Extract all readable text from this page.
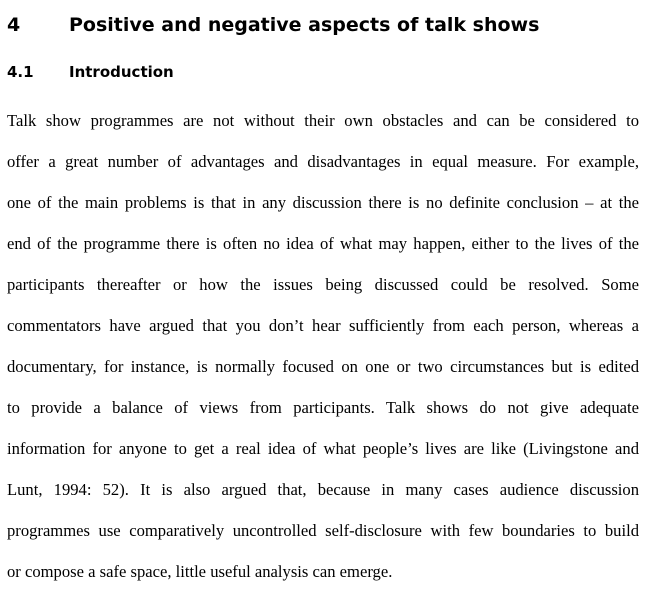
4	Positive and negative aspects of talk shows
4.1 Introduction
Talk show programmes are not without their own obstacles and can be considered to
offer a great number of advantages and disadvantages in equal measure. For example,
one of the main problems is that in any discussion there is no definite conclusion – at the
end of the programme there is often no idea of what may happen, either to the lives of the
participants thereafter or how the issues being discussed could be resolved. Some
commentators have argued that you don’t hear sufficiently from each person, whereas a
documentary, for instance, is normally focused on one or two circumstances but is edited
to provide a balance of views from participants. Talk shows do not give adequate
information for anyone to get a real idea of what people’s lives are like (Livingstone and
Lunt, 1994: 52). It is also argued that, because in many cases audience discussion
programmes use comparatively uncontrolled self-disclosure with few boundaries to build
or compose a safe space, little useful analysis can emerge.
